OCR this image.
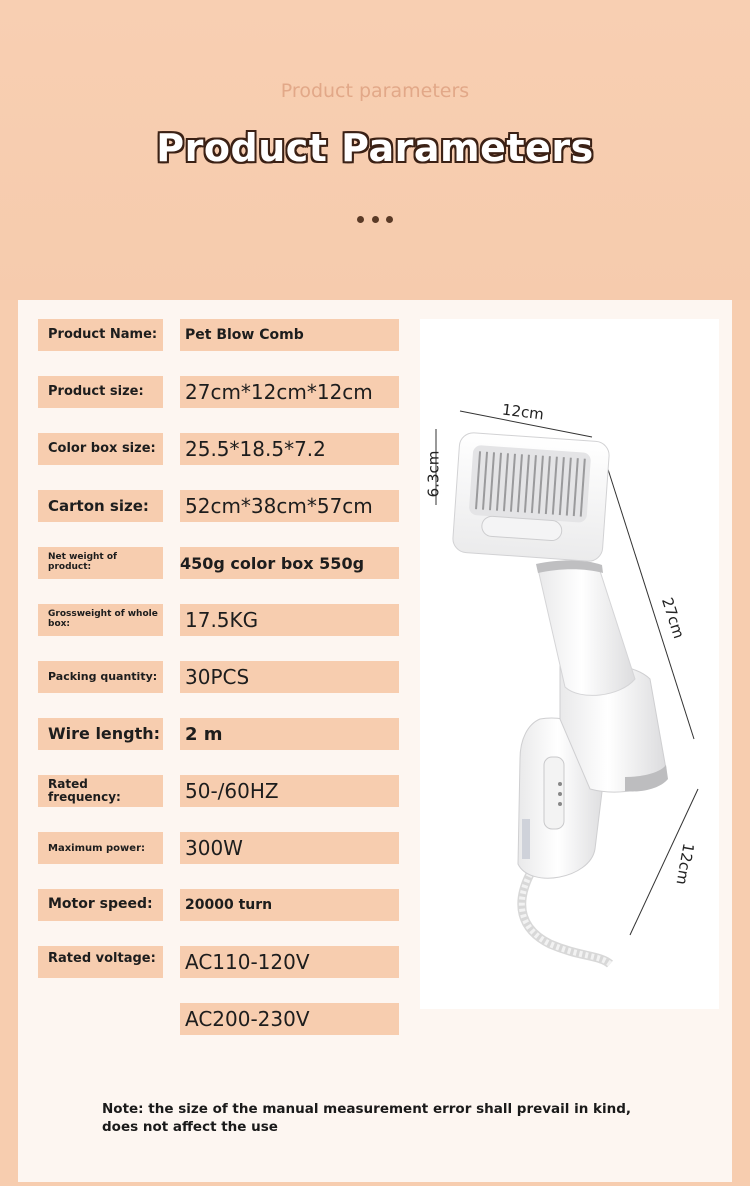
Product parameters
Product Parameters
Product Name:	Pet Blow Comb
Product size:	27cm*12cm*12cm
Color box size:	25.5*18.5*7.2
Carton size:	52cm*38cm*57cm
Net weight of product:	450g color box 550g
Grossweight of whole box:	17.5KG
Packing quantity: 30PCS
Wire length: 2 m
Rated frequency:	50-/60HZ
Maximum power:	300W
Motor speed:	20000 turn
Rated voltage:	AC110-120V
AC200-230V
12cm
6.3cm
27cm
12cm
Note: the size of the manual measurement error shall prevail in kind, does not affect the use
